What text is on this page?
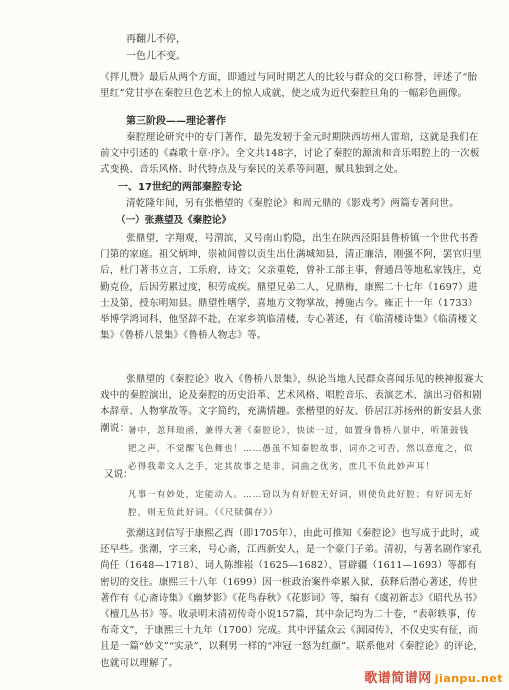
再翻儿不停，
一色儿不变。
《拌儿赞》最后从两个方面，即通过与同时期艺人的比较与群众的交口称誉，评述了“胎里红”党甘亭在秦腔旦色艺术上的惊人成就，使之成为近代秦腔旦角的一幅彩色画像。
第三阶段——理论著作
秦腔理论研究中的专门著作，最先发轫于金元时期陕西坊州人雷琯，这就是我们在前文中引述的《森歌十章·序》。全文共148字，讨论了秦腔的源流和音乐唱腔上的一次板式变换、音乐风格、时代特点及与秦民的关系等问题，赋具独到之处。
一、17世纪的两部秦腔专论
清乾隆年间，另有张楷望的《秦腔论》和周元鼎的《影戏考》两篇专著问世。
（一）张燕望及《秦腔论》
张鼎望，字翔观，号渭滨，又号南山豹隐，出生在陕西泾阳县鲁桥镇一个世代书香门第的家庭。祖父炳坤，崇祯间曾以贡生出仕满城知县，清正廉洁，刚强不阿，罢官归里后，杜门著书立言，工乐府，诗文；父亲重乾，曾补工部主事，督通昌等地私家钱庄，克勤克俭，后因劳累过度，积劳成疾。鼎望兄弟二人，兄鼎梅，康熙二十七年（1697）进士及第，授东明知县。鼎望性嗜学，喜地方文物掌故，搏施古今。雍正十一年（1733）举博学鸿词科，他坚辞不赴，在家乡筑临清楼，专心著述，有《临清楼诗集》《临清楼文集》《鲁桥八景集》《鲁桥人物志》等。
张鼎望的《秦腔论》收入《鲁桥八景集》，纵论当地人民群众喜闻乐见的秧神报赛大戏中的秦腔演出，论及秦腔的历史沿革、艺术风格、唱腔音乐、表演艺术、演出习俗和剧本辞章、人物掌故等。文字简约，充满情趣。张楷望的好友、侨居江苏扬州的新安县人张潮说：
暑中，忽拜琅函，兼得大著《秦腔论》，快读一过，如置身鲁桥八景中，听箫鼓钱钯之声，不觉醒飞色舞也！……愚虽不知秦腔故事，词亦之可否，然以意度之，似必得我辈文人之手，定其故事之是非，词曲之优劣，庶几不负此妙声耳！
又说：
凡事一有妙处，定能动人。……窃以为有好腔无好词，则使负此好腔；有好词无好腔，则无负此好词。（《尺牍偶存》）
张潮这封信写于康熙乙酉（即1705年），由此可推知《秦腔论》也写成于此时，或还早些。张潮，字三来，号心斋，江西新安人，是一个豪门子弟。清初，与著名剧作家孔尚任（1648—1718）、词人陈维崧（1625—1682）、冒辟疆（1611—1693）等都有密切的交往。康熙三十八年（1699）因一桩政治案件牵累入狱，获释后潜心著述，传世著作有《心斋诗集》《幽梦影》《花鸟春秋》《花影词》等，编有《虞初新志》《昭代丛书》《檀几丛书》等。收录明末清初传奇小说157篇，其中杂记均为二十卷，“表彰轶事，传布奇文”，于康熙三十九年（1700）完成。其中评猛众云《洞园传》，不仅史实有征，而且是一篇“妙文”“实录”，以剩男一样的“冲冠一怒为红颜”。联系他对《秦腔论》的评论，也就可以理解了。
歌谱简谱网 jianpu.net
